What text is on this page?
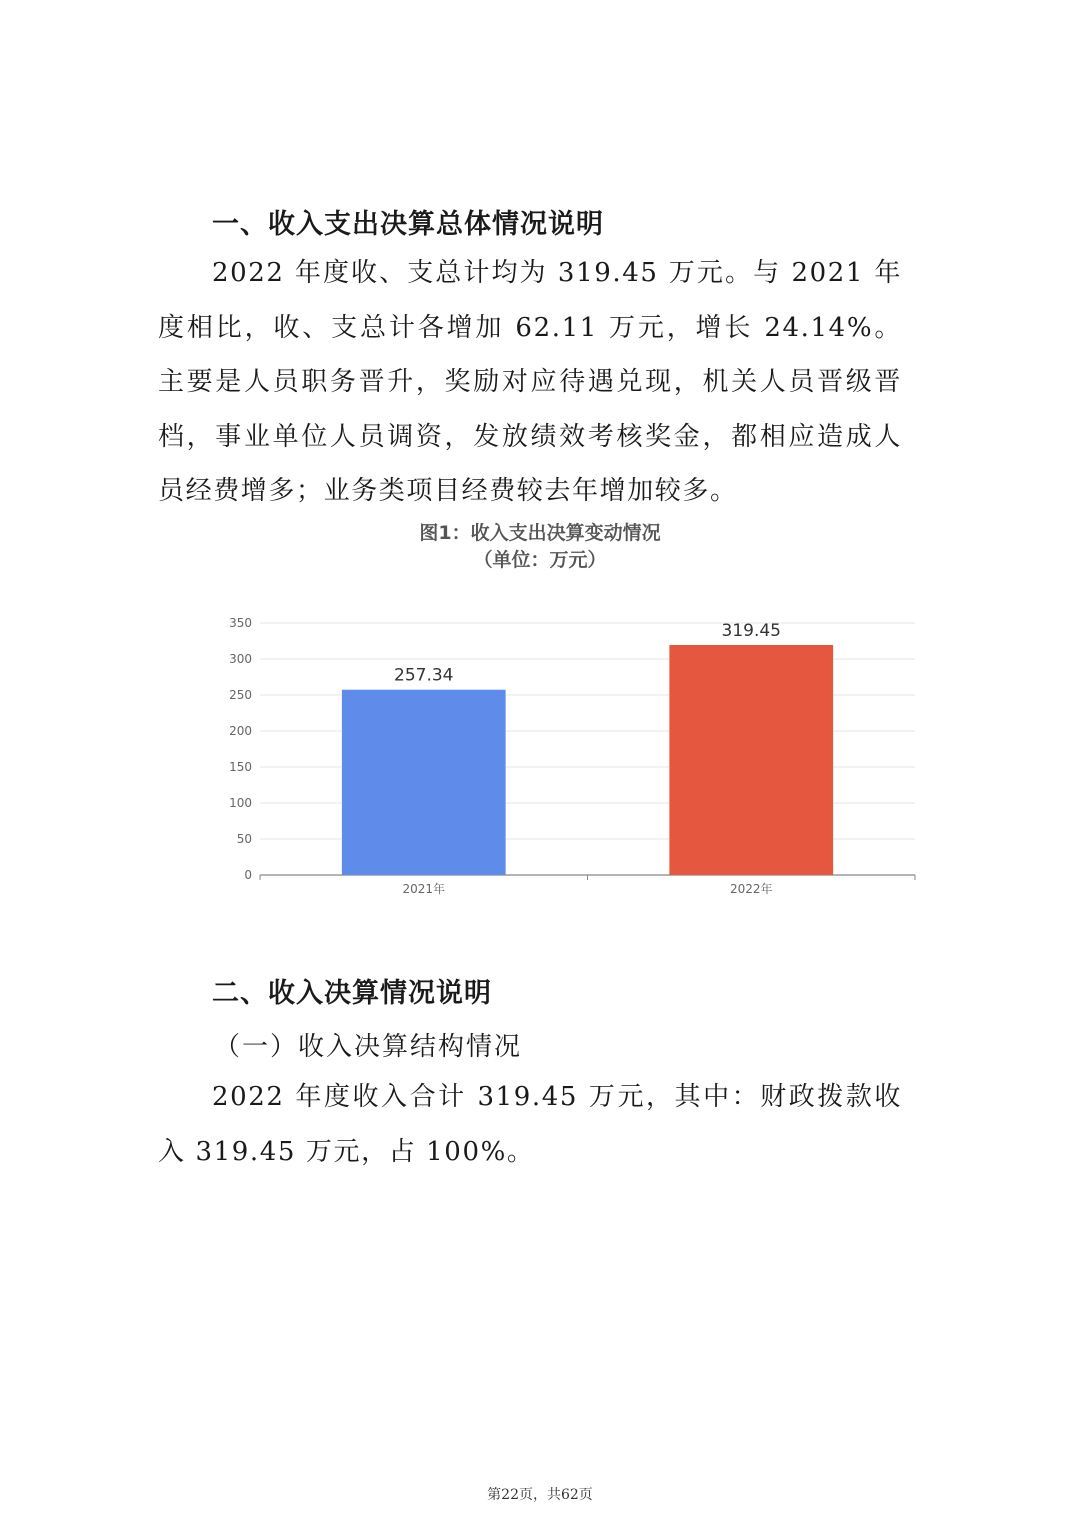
一、收入支出决算总体情况说明

2022 年度收、支总计均为 319.45 万元。与 2021 年度相比，收、支总计各增加 62.11 万元，增长 24.14%。主要是人员职务晋升，奖励对应待遇兑现，机关人员晋级晋档，事业单位人员调资，发放绩效考核奖金，都相应造成人员经费增多；业务类项目经费较去年增加较多。

图1：收入支出决算变动情况
（单位：万元）
0
50
100
150
200
250
300
350
257.34
2021年
319.45
2022年
二、收入决算情况说明
（一）收入决算结构情况

2022 年度收入合计 319.45 万元，其中：财政拨款收入 319.45 万元，占 100%。

第22页，共62页
